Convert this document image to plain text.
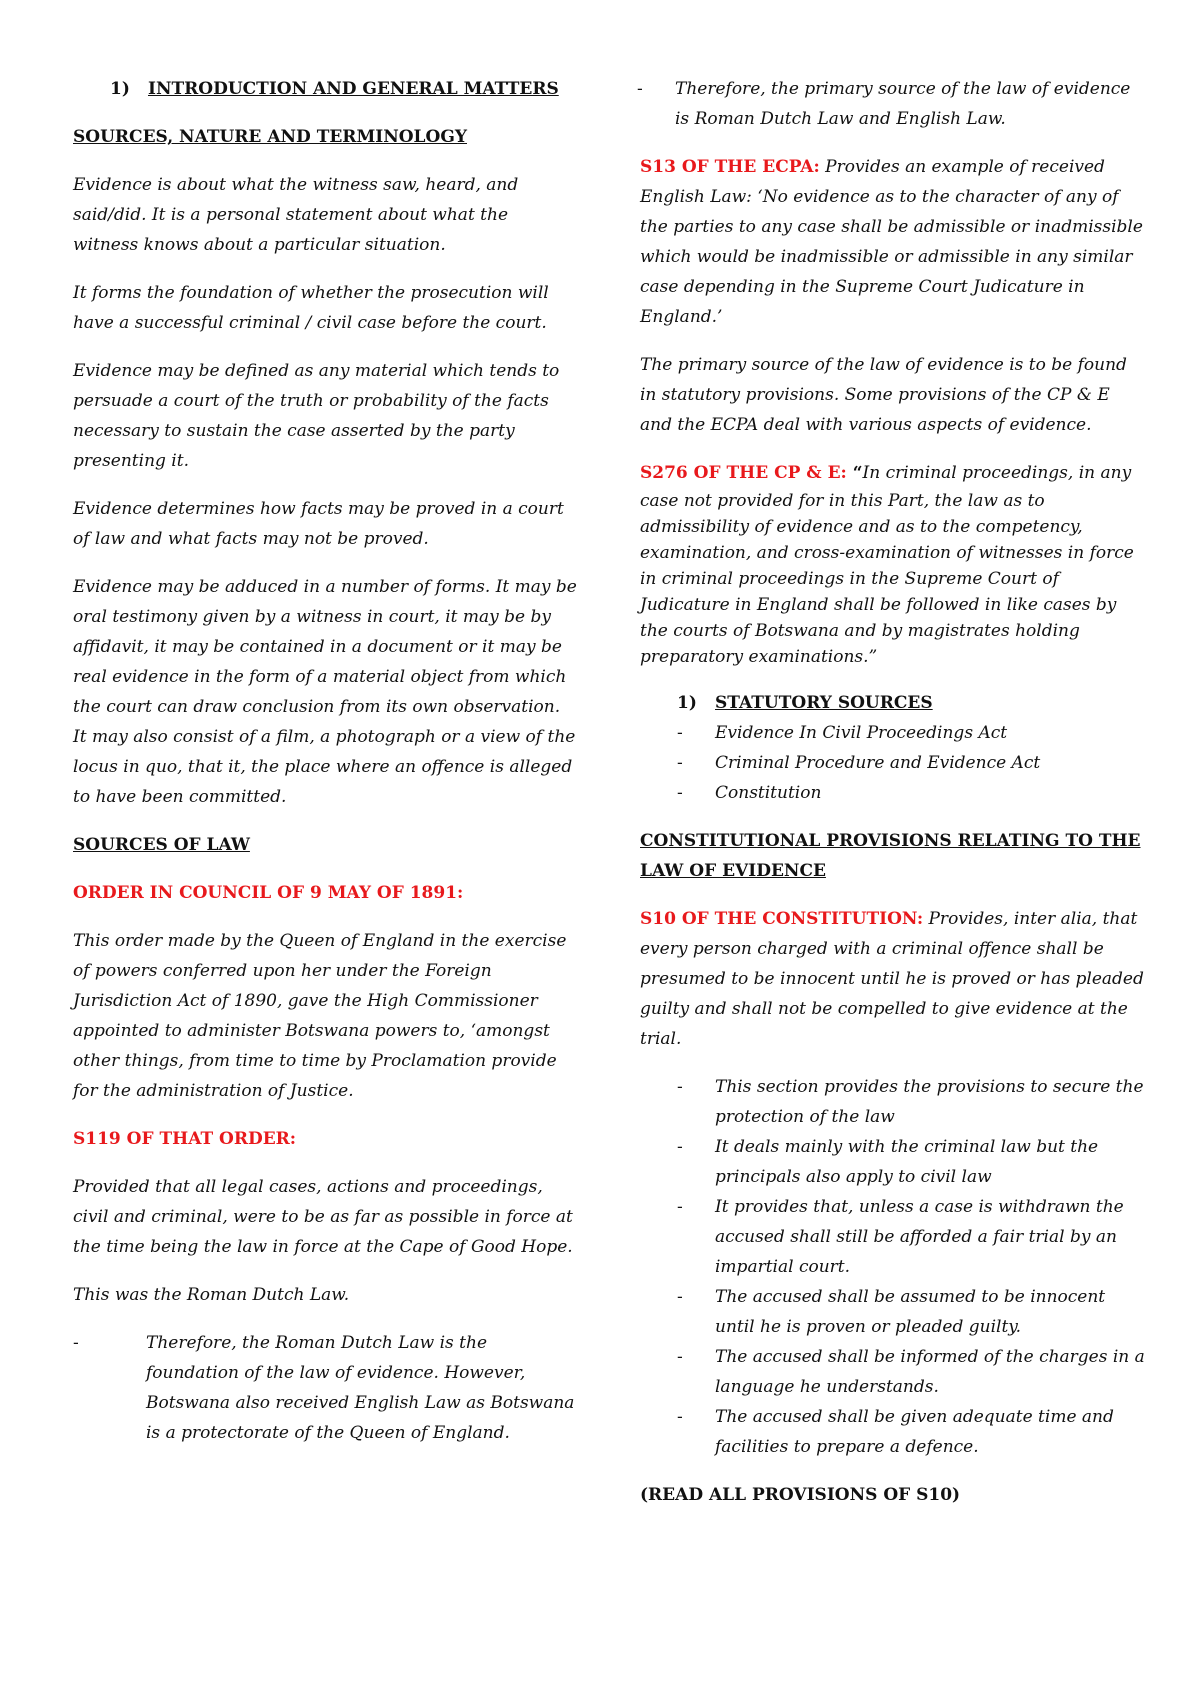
1)	INTRODUCTION AND GENERAL MATTERS
SOURCES, NATURE AND TERMINOLOGY

Evidence is about what the witness saw, heard, and said/did. It is a personal statement about what the witness knows about a particular situation.

It forms the foundation of whether the prosecution will have a successful criminal / civil case before the court.

Evidence may be defined as any material which tends to persuade a court of the truth or probability of the facts necessary to sustain the case asserted by the party presenting it.

Evidence determines how facts may be proved in a court of law and what facts may not be proved.

Evidence may be adduced in a number of forms. It may be oral testimony given by a witness in court, it may be by affidavit, it may be contained in a document or it may be real evidence in the form of a material object from which the court can draw conclusion from its own observation. It may also consist of a film, a photograph or a view of the locus in quo, that it, the place where an offence is alleged to have been committed.

SOURCES OF LAW

ORDER IN COUNCIL OF 9 MAY OF 1891:

This order made by the Queen of England in the exercise of powers conferred upon her under the Foreign Jurisdiction Act of 1890, gave the High Commissioner appointed to administer Botswana powers to, ‘amongst other things, from time to time by Proclamation provide for the administration of Justice.

S119 OF THAT ORDER:

Provided that all legal cases, actions and proceedings, civil and criminal, were to be as far as possible in force at the time being the law in force at the Cape of Good Hope.

This was the Roman Dutch Law.

-	Therefore, the Roman Dutch Law is the foundation of the law of evidence. However, Botswana also received English Law as Botswana is a protectorate of the Queen of England.
-	Therefore, the primary source of the law of evidence is Roman Dutch Law and English Law.

S13 OF THE ECPA: Provides an example of received English Law: ‘No evidence as to the character of any of the parties to any case shall be admissible or inadmissible which would be inadmissible or admissible in any similar case depending in the Supreme Court Judicature in England.’

The primary source of the law of evidence is to be found in statutory provisions. Some provisions of the CP & E and the ECPA deal with various aspects of evidence.

S276 OF THE CP & E: “In criminal proceedings, in any case not provided for in this Part, the law as to admissibility of evidence and as to the competency, examination, and cross-examination of witnesses in force in criminal proceedings in the Supreme Court of Judicature in England shall be followed in like cases by the courts of Botswana and by magistrates holding preparatory examinations.”

1)	STATUTORY SOURCES
-	Evidence In Civil Proceedings Act
-	Criminal Procedure and Evidence Act
-	Constitution
CONSTITUTIONAL PROVISIONS RELATING TO THE LAW OF EVIDENCE

S10 OF THE CONSTITUTION: Provides, inter alia, that every person charged with a criminal offence shall be presumed to be innocent until he is proved or has pleaded guilty and shall not be compelled to give evidence at the trial.

-	This section provides the provisions to secure the protection of the law
-	It deals mainly with the criminal law but the principals also apply to civil law
-	It provides that, unless a case is withdrawn the accused shall still be afforded a fair trial by an impartial court.
-	The accused shall be assumed to be innocent until he is proven or pleaded guilty.
-	The accused shall be informed of the charges in a language he understands.
-	The accused shall be given adequate time and facilities to prepare a defence.

(READ ALL PROVISIONS OF S10)
